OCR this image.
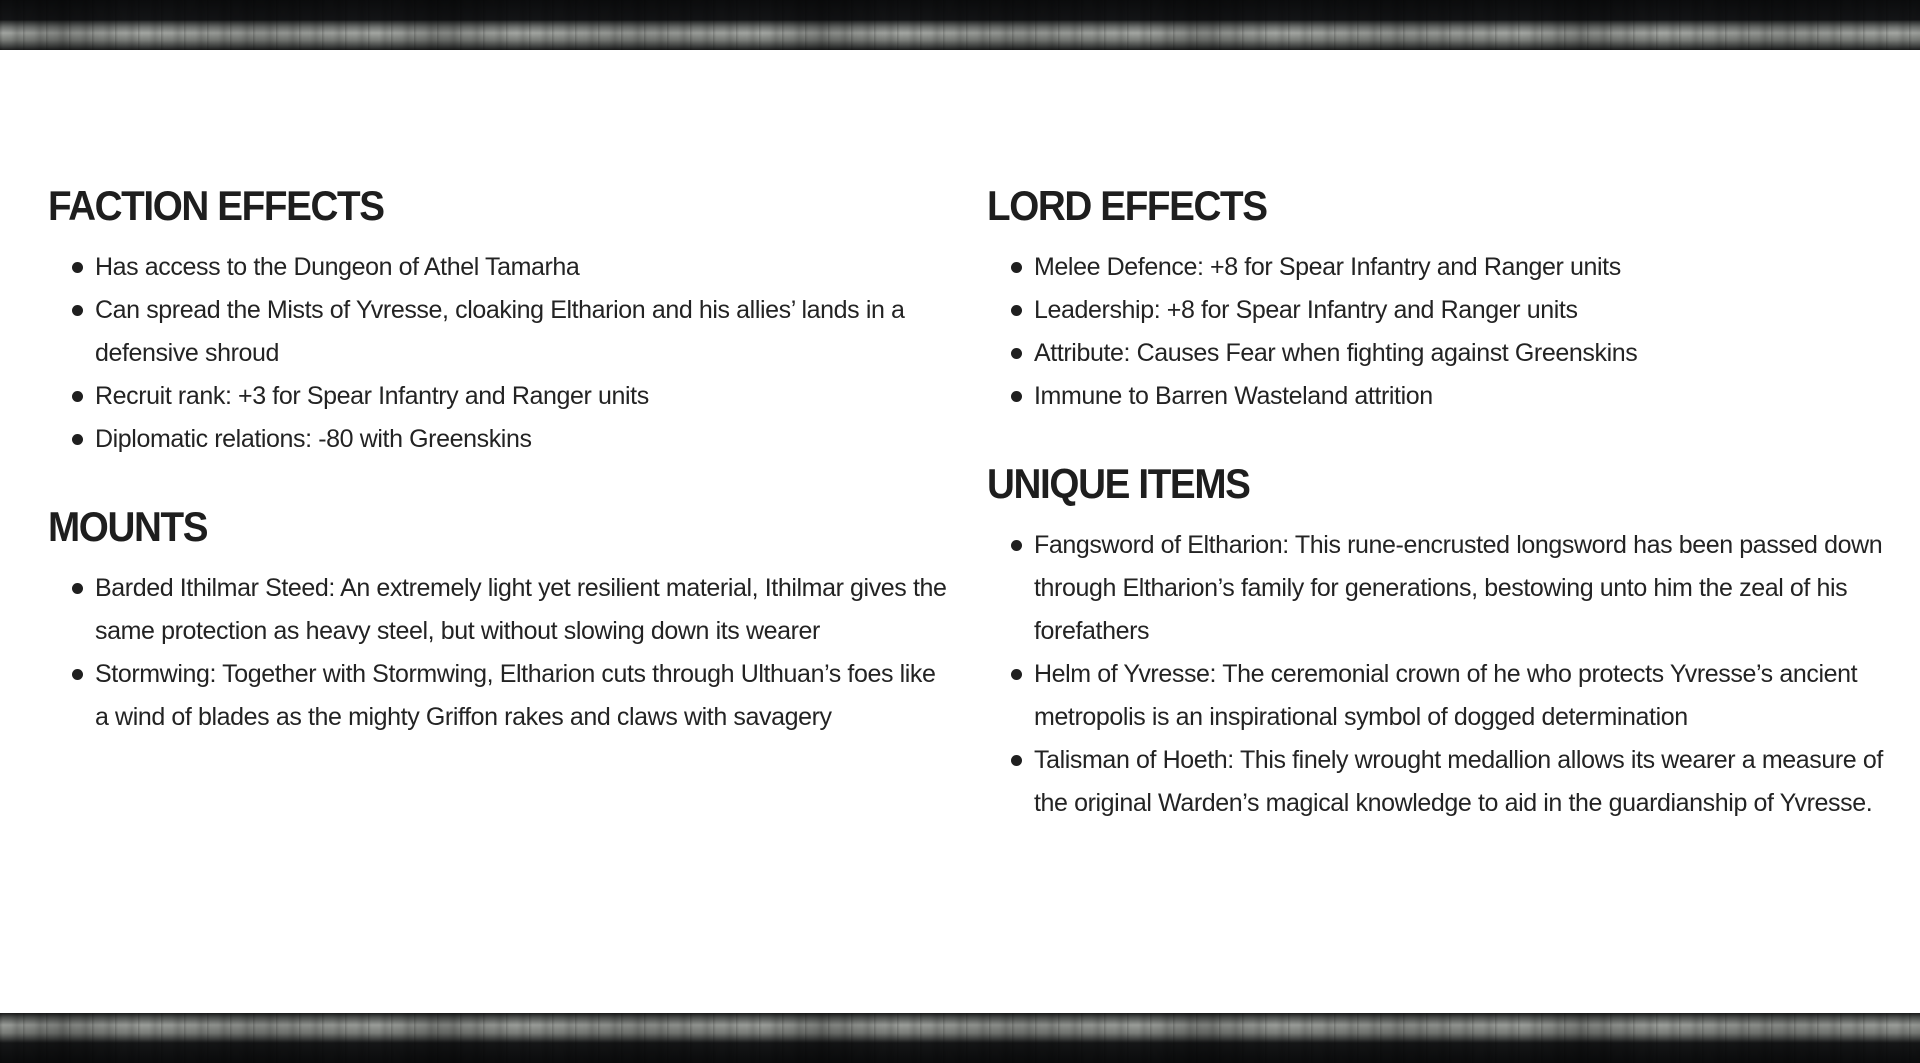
FACTION EFFECTS
Has access to the Dungeon of Athel Tamarha
Can spread the Mists of Yvresse, cloaking Eltharion and his allies’ lands in a defensive shroud
Recruit rank: +3 for Spear Infantry and Ranger units
Diplomatic relations: -80 with Greenskins
MOUNTS
Barded Ithilmar Steed: An extremely light yet resilient material, Ithilmar gives the same protection as heavy steel, but without slowing down its wearer
Stormwing: Together with Stormwing, Eltharion cuts through Ulthuan’s foes like a wind of blades as the mighty Griffon rakes and claws with savagery
LORD EFFECTS
Melee Defence: +8 for Spear Infantry and Ranger units
Leadership: +8 for Spear Infantry and Ranger units
Attribute: Causes Fear when fighting against Greenskins
Immune to Barren Wasteland attrition
UNIQUE ITEMS
Fangsword of Eltharion: This rune-encrusted longsword has been passed down through Eltharion’s family for generations, bestowing unto him the zeal of his forefathers
Helm of Yvresse: The ceremonial crown of he who protects Yvresse’s ancient metropolis is an inspirational symbol of dogged determination
Talisman of Hoeth: This finely wrought medallion allows its wearer a measure of the original Warden’s magical knowledge to aid in the guardianship of Yvresse.
